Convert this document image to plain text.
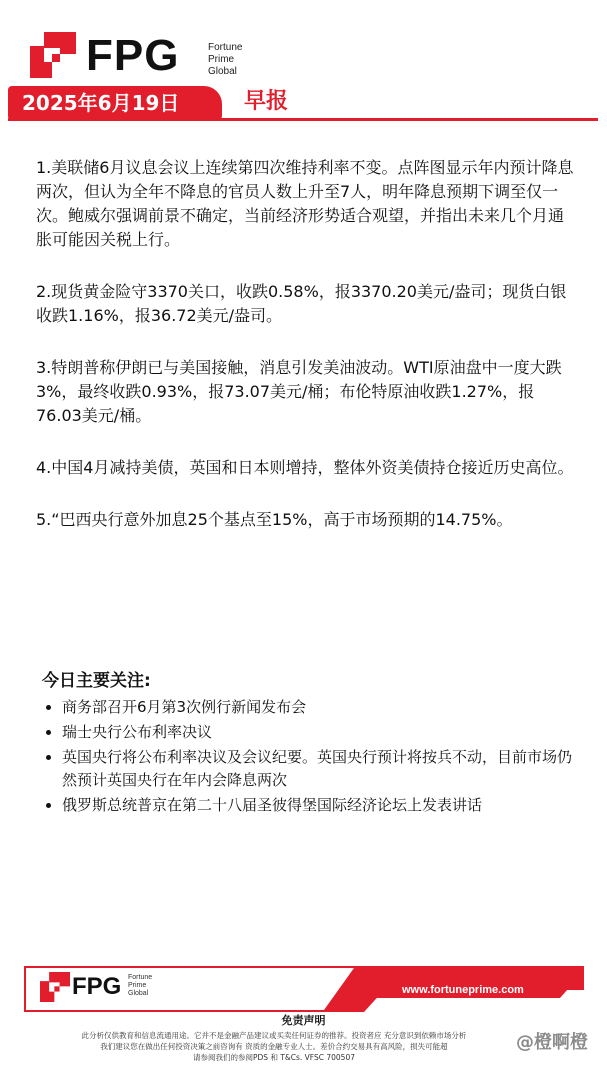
FPG	Fortune
Prime
Global
2025年6月19日	早报

1.美联储6月议息会议上连续第四次维持利率不变。点阵图显示年内预计降息两次，但认为全年不降息的官员人数上升至7人，明年降息预期下调至仅一次。鲍威尔强调前景不确定，当前经济形势适合观望，并指出未来几个月通胀可能因关税上行。

2.现货黄金险守3370关口，收跌0.58%，报3370.20美元/盎司；现货白银收跌1.16%，报36.72美元/盎司。

3.特朗普称伊朗已与美国接触，消息引发美油波动。WTI原油盘中一度大跌3%，最终收跌0.93%，报73.07美元/桶；布伦特原油收跌1.27%，报76.03美元/桶。

4.中国4月减持美债，英国和日本则增持，整体外资美债持仓接近历史高位。

5.“巴西央行意外加息25个基点至15%，高于市场预期的14.75%。

今日主要关注:
• 商务部召开6月第3次例行新闻发布会
• 瑞士央行公布利率决议
• 英国央行将公布利率决议及会议纪要。英国央行预计将按兵不动，目前市场仍然预计英国央行在年内会降息两次
• 俄罗斯总统普京在第二十八届圣彼得堡国际经济论坛上发表讲话
FPG Fortune
Prime
Global	www.fortuneprime.com
免责声明
此分析仅供教育和信息流通用途。它并不是金融产品建议或买卖任何证券的推荐。投资者应 充分意识到依赖市场分析
我们建议您在做出任何投资决策之前咨询有 资质的金融专业人士。差价合约交易具有高风险，损失可能超
请参阅我们的参阅PDS 和 T&Cs. VFSC 700507
@橙啊橙
